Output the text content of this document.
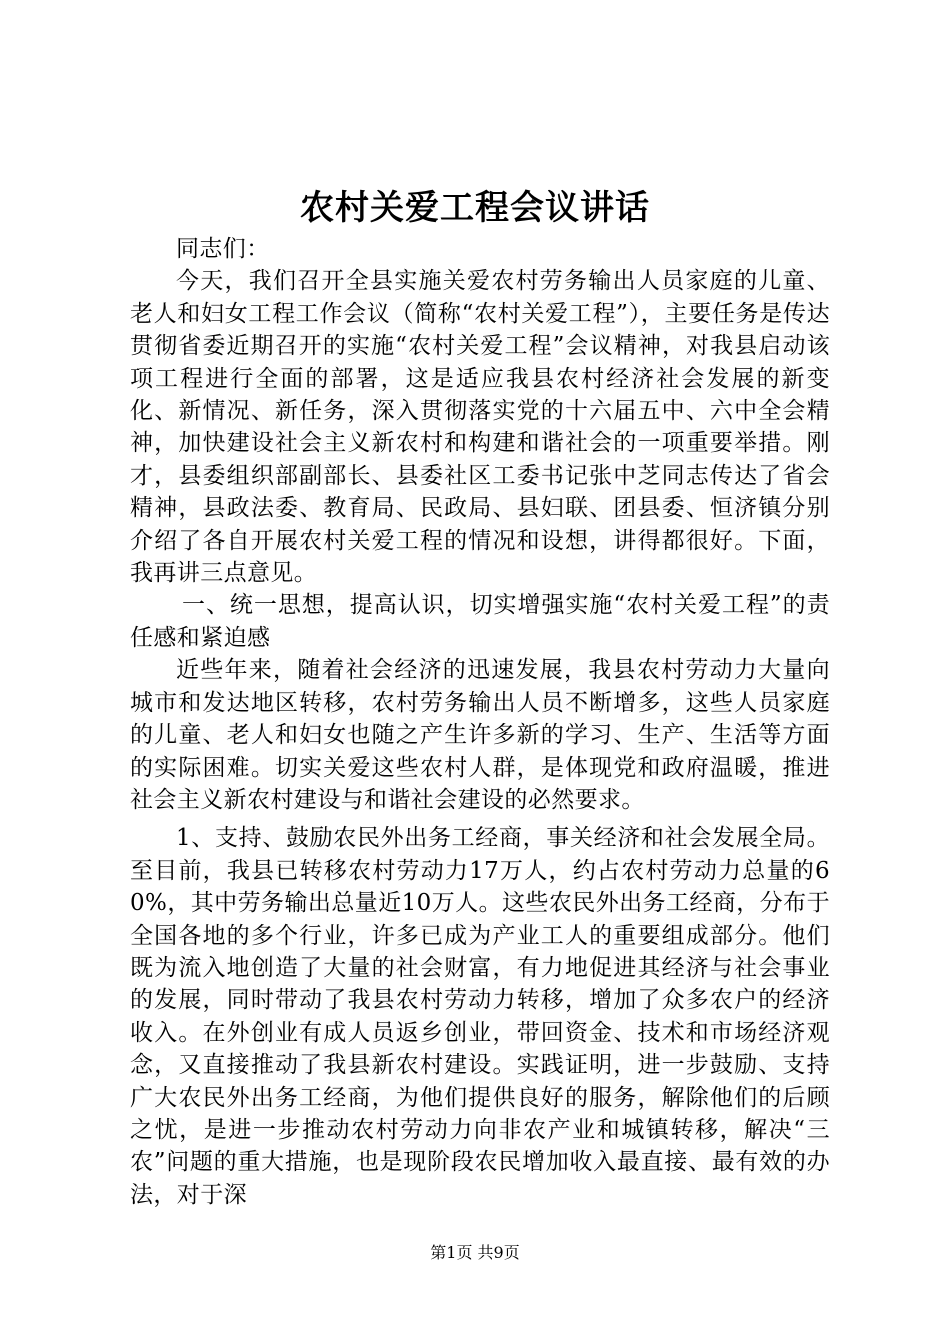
农村关爱工程会议讲话

同志们：

今天，我们召开全县实施关爱农村劳务输出人员家庭的儿童、老人和妇女工程工作会议（简称“农村关爱工程”），主要任务是传达贯彻省委近期召开的实施“农村关爱工程”会议精神，对我县启动该项工程进行全面的部署，这是适应我县农村经济社会发展的新变化、新情况、新任务，深入贯彻落实党的十六届五中、六中全会精神，加快建设社会主义新农村和构建和谐社会的一项重要举措。刚才，县委组织部副部长、县委社区工委书记张中芝同志传达了省会精神，县政法委、教育局、民政局、县妇联、团县委、恒济镇分别介绍了各自开展农村关爱工程的情况和设想，讲得都很好。下面，我再讲三点意见。

一、统一思想，提高认识，切实增强实施“农村关爱工程”的责任感和紧迫感

近些年来，随着社会经济的迅速发展，我县农村劳动力大量向城市和发达地区转移，农村劳务输出人员不断增多，这些人员家庭的儿童、老人和妇女也随之产生许多新的学习、生产、生活等方面的实际困难。切实关爱这些农村人群，是体现党和政府温暖，推进社会主义新农村建设与和谐社会建设的必然要求。

1、支持、鼓励农民外出务工经商，事关经济和社会发展全局。至目前，我县已转移农村劳动力17万人，约占农村劳动力总量的60%，其中劳务输出总量近10万人。这些农民外出务工经商，分布于全国各地的多个行业，许多已成为产业工人的重要组成部分。他们既为流入地创造了大量的社会财富，有力地促进其经济与社会事业的发展，同时带动了我县农村劳动力转移，增加了众多农户的经济收入。在外创业有成人员返乡创业，带回资金、技术和市场经济观念，又直接推动了我县新农村建设。实践证明，进一步鼓励、支持广大农民外出务工经商，为他们提供良好的服务，解除他们的后顾之忧，是进一步推动农村劳动力向非农产业和城镇转移，解决“三农”问题的重大措施，也是现阶段农民增加收入最直接、最有效的办法，对于深

第1页 共9页
